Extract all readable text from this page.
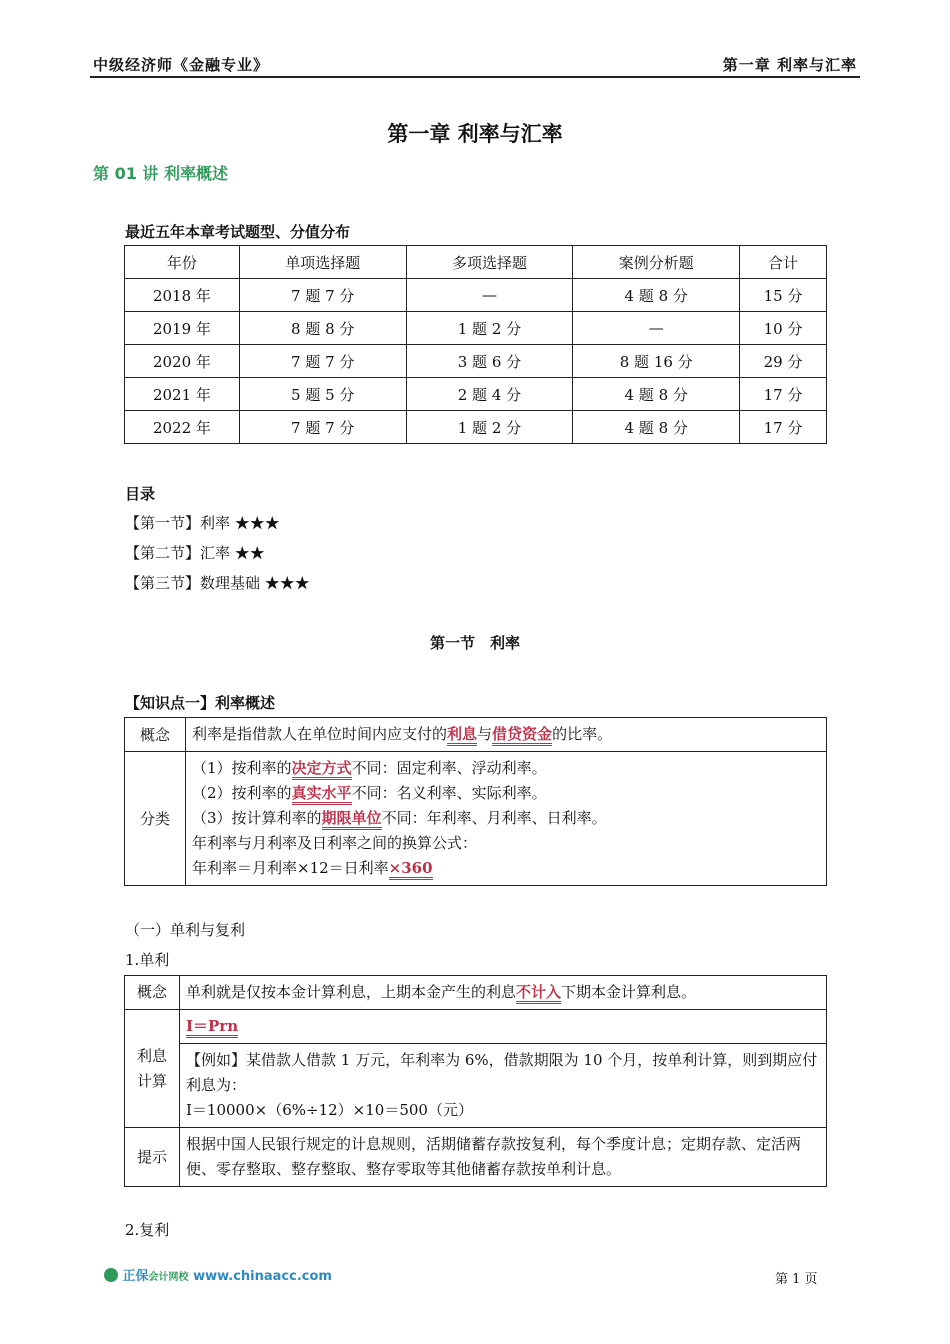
中级经济师《金融专业》	第一章 利率与汇率
第一章 利率与汇率
第 01 讲 利率概述
最近五年本章考试题型、分值分布
年份	单项选择题	多项选择题	案例分析题	合计
2018 年	7 题 7 分	—	4 题 8 分	15 分
2019 年	8 题 8 分	1 题 2 分	—	10 分
2020 年	7 题 7 分	3 题 6 分	8 题 16 分	29 分
2021 年	5 题 5 分	2 题 4 分	4 题 8 分	17 分
2022 年	7 题 7 分	1 题 2 分	4 题 8 分	17 分
目录
【第一节】利率 ★★★
【第二节】汇率 ★★
【第三节】数理基础 ★★★
第一节　利率
【知识点一】利率概述
概念	利率是指借款人在单位时间内应支付的利息与借贷资金的比率。
分类	（1）按利率的决定方式不同：固定利率、浮动利率。
（2）按利率的真实水平不同：名义利率、实际利率。
（3）按计算利率的期限单位不同：年利率、月利率、日利率。
年利率与月利率及日利率之间的换算公式：
年利率＝月利率×12＝日利率×360
（一）单利与复利
1.单利
概念	单利就是仅按本金计算利息，上期本金产生的利息不计入下期本金计算利息。

利息
计算	I＝Prn

	【例如】某借款人借款 1 万元，年利率为 6%，借款期限为 10 个月，按单利计算，则到期应付利息为：
I＝10000×（6%÷12）×10＝500（元）

提示	根据中国人民银行规定的计息规则，活期储蓄存款按复利，每个季度计息；定期存款、定活两便、零存整取、整存整取、整存零取等其他储蓄存款按单利计息。
2.复利
正保会计网校 www.chinaacc.com	第 1 页
